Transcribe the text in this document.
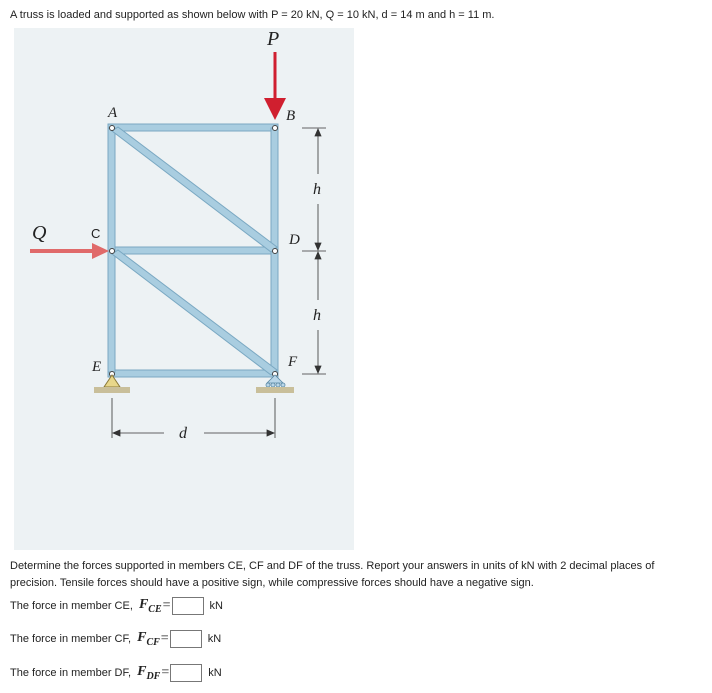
A truss is loaded and supported as shown below with P = 20 kN, Q = 10 kN, d = 14 m and h = 11 m.
P
Q
A	B
C	D
E	F
h
h
d
Determine the forces supported in members CE, CF and DF of the truss. Report your answers in units of kN with 2 decimal places of precision. Tensile forces should have a positive sign, while compressive forces should have a negative sign.
The force in member CE, $F_{CE}$ =	kN
The force in member CF, $F_{CF}$ =	kN
The force in member DF, $F_{DF}$ =	kN
